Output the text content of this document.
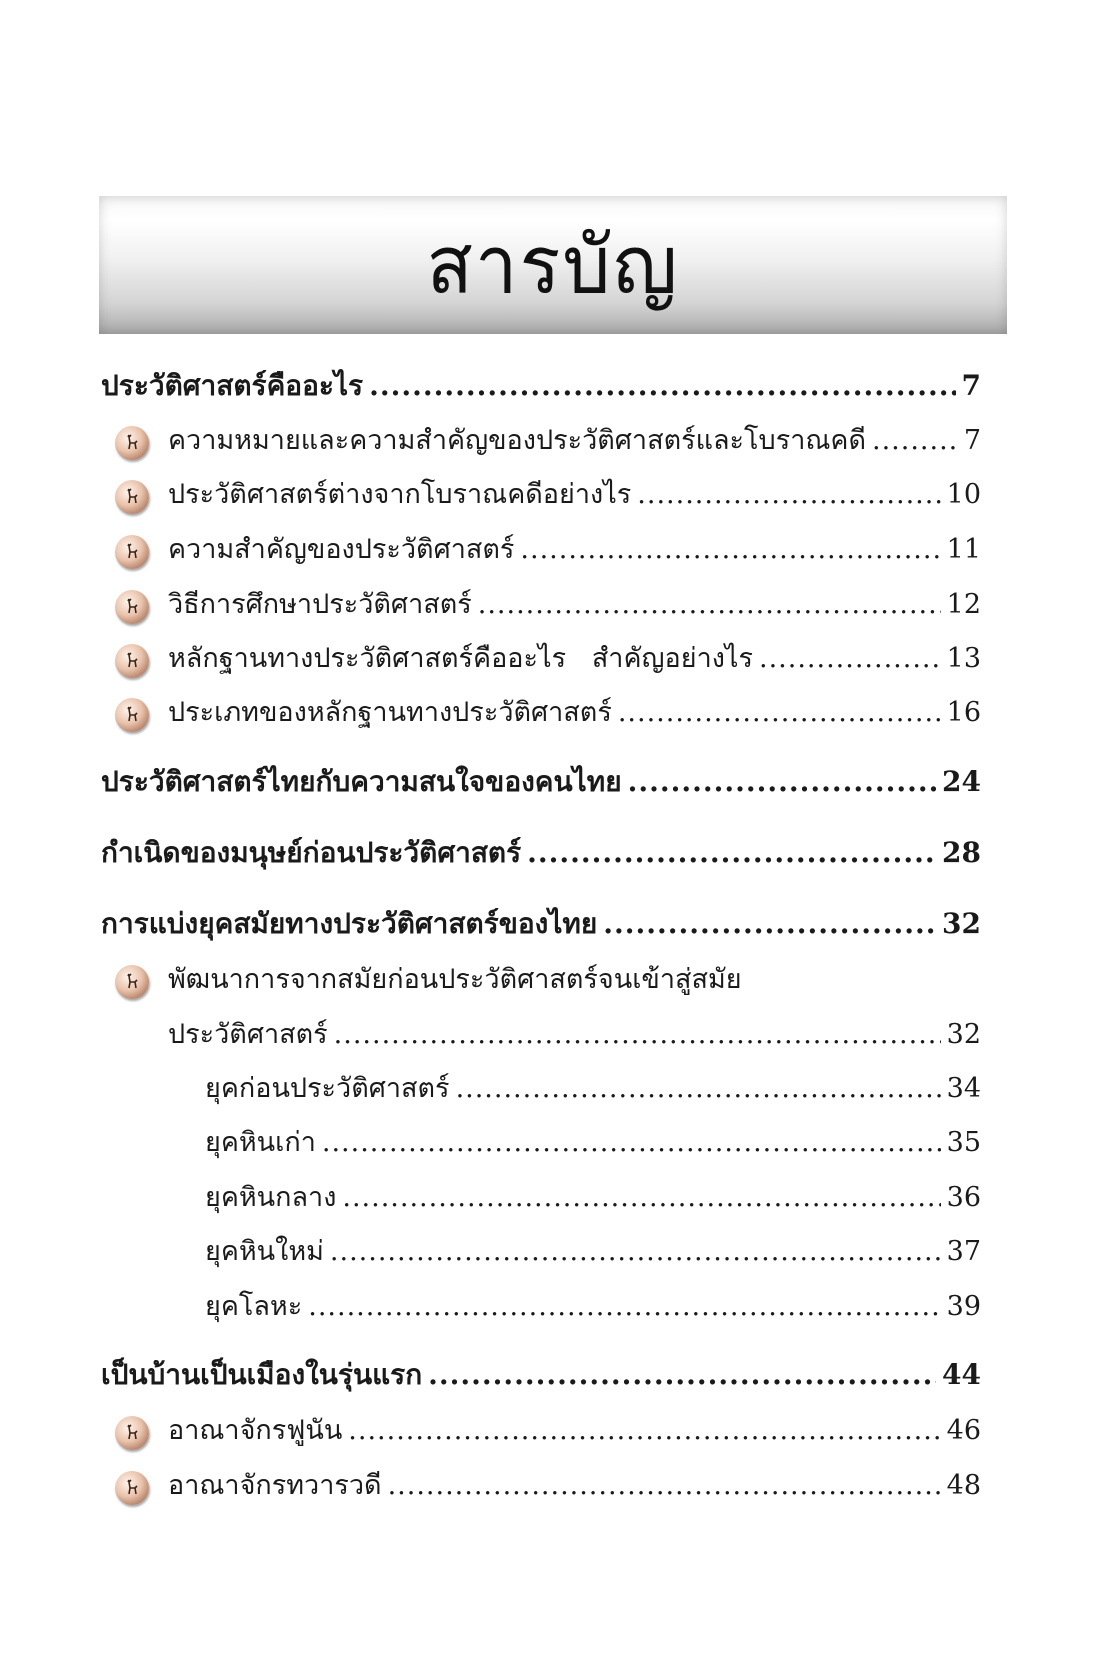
สารบัญ
ประวัติศาสตร์คืออะไร .....	7
ความหมายและความสำคัญของประวัติศาสตร์และโบราณคดี .....	7
ประวัติศาสตร์ต่างจากโบราณคดีอย่างไร .....	10
ความสำคัญของประวัติศาสตร์ .....	11
วิธีการศึกษาประวัติศาสตร์ .....	12
หลักฐานทางประวัติศาสตร์คืออะไร   สำคัญอย่างไร .....	13
ประเภทของหลักฐานทางประวัติศาสตร์ .....	16
ประวัติศาสตร์ไทยกับความสนใจของคนไทย .....	24
กำเนิดของมนุษย์ก่อนประวัติศาสตร์ .....	28
การแบ่งยุคสมัยทางประวัติศาสตร์ของไทย .....	32
พัฒนาการจากสมัยก่อนประวัติศาสตร์จนเข้าสู่สมัย
ประวัติศาสตร์ .....	32
ยุคก่อนประวัติศาสตร์ .....	34
ยุคหินเก่า .....	35
ยุคหินกลาง .....	36
ยุคหินใหม่ .....	37
ยุคโลหะ .....	39
เป็นบ้านเป็นเมืองในรุ่นแรก .....	44
อาณาจักรฟูนัน .....	46
อาณาจักรทวารวดี .....	48
